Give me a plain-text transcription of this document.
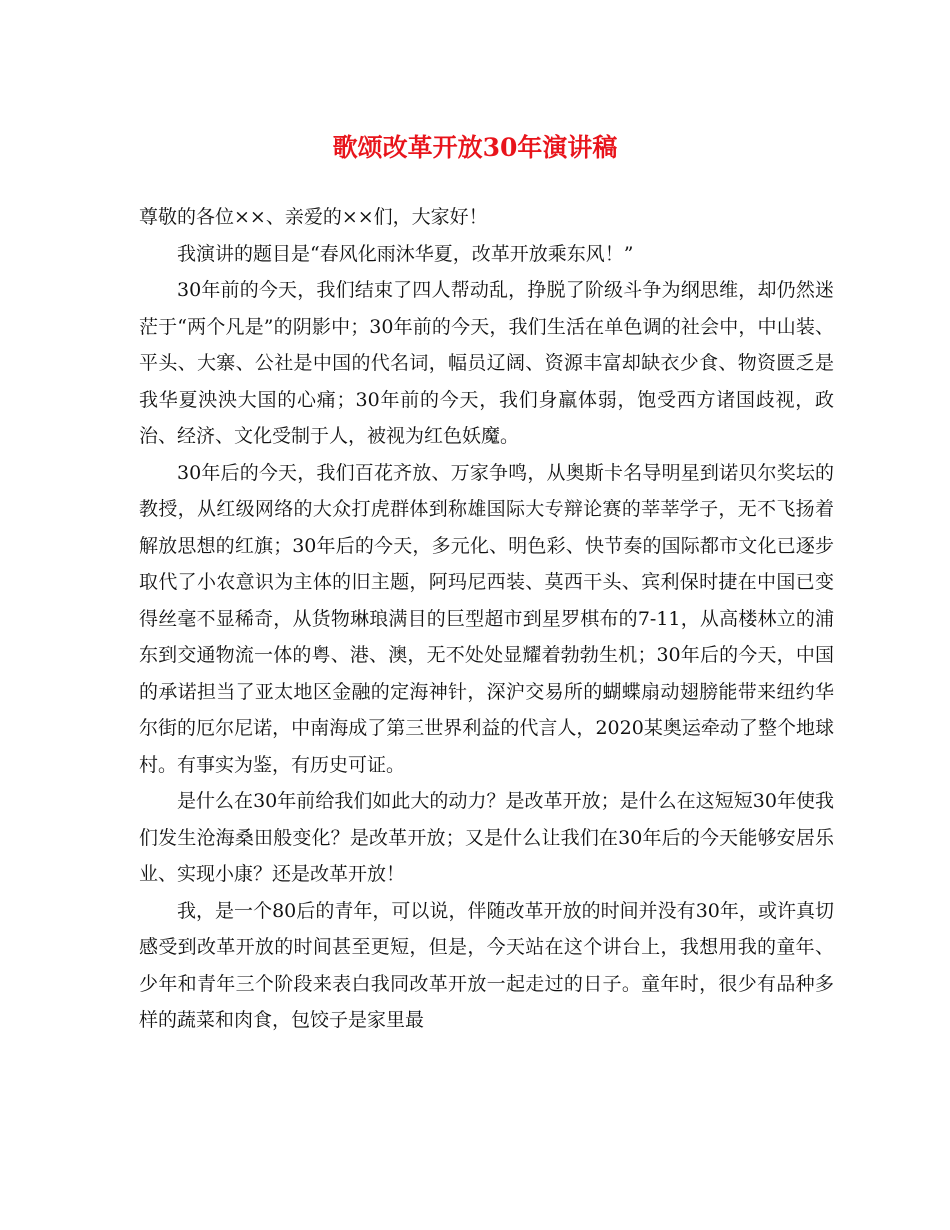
歌颂改革开放30年演讲稿

尊敬的各位××、亲爱的××们，大家好！

我演讲的题目是“春风化雨沐华夏，改革开放乘东风！”

30年前的今天，我们结束了四人帮动乱，挣脱了阶级斗争为纲思维，却仍然迷茫于“两个凡是”的阴影中；30年前的今天，我们生活在单色调的社会中，中山装、平头、大寨、公社是中国的代名词，幅员辽阔、资源丰富却缺衣少食、物资匮乏是我华夏泱泱大国的心痛；30年前的今天，我们身羸体弱，饱受西方诸国歧视，政治、经济、文化受制于人，被视为红色妖魔。

30年后的今天，我们百花齐放、万家争鸣，从奥斯卡名导明星到诺贝尔奖坛的教授，从红级网络的大众打虎群体到称雄国际大专辩论赛的莘莘学子，无不飞扬着解放思想的红旗；30年后的今天，多元化、明色彩、快节奏的国际都市文化已逐步取代了小农意识为主体的旧主题，阿玛尼西装、莫西干头、宾利保时捷在中国已变得丝毫不显稀奇，从货物琳琅满目的巨型超市到星罗棋布的7-11，从高楼林立的浦东到交通物流一体的粤、港、澳，无不处处显耀着勃勃生机；30年后的今天，中国的承诺担当了亚太地区金融的定海神针，深沪交易所的蝴蝶扇动翅膀能带来纽约华尔街的厄尔尼诺，中南海成了第三世界利益的代言人，2020某奥运牵动了整个地球村。有事实为鉴，有历史可证。

是什么在30年前给我们如此大的动力？是改革开放；是什么在这短短30年使我们发生沧海桑田般变化？是改革开放；又是什么让我们在30年后的今天能够安居乐业、实现小康？还是改革开放！

我，是一个80后的青年，可以说，伴随改革开放的时间并没有30年，或许真切感受到改革开放的时间甚至更短，但是，今天站在这个讲台上，我想用我的童年、少年和青年三个阶段来表白我同改革开放一起走过的日子。童年时，很少有品种多样的蔬菜和肉食，包饺子是家里最
